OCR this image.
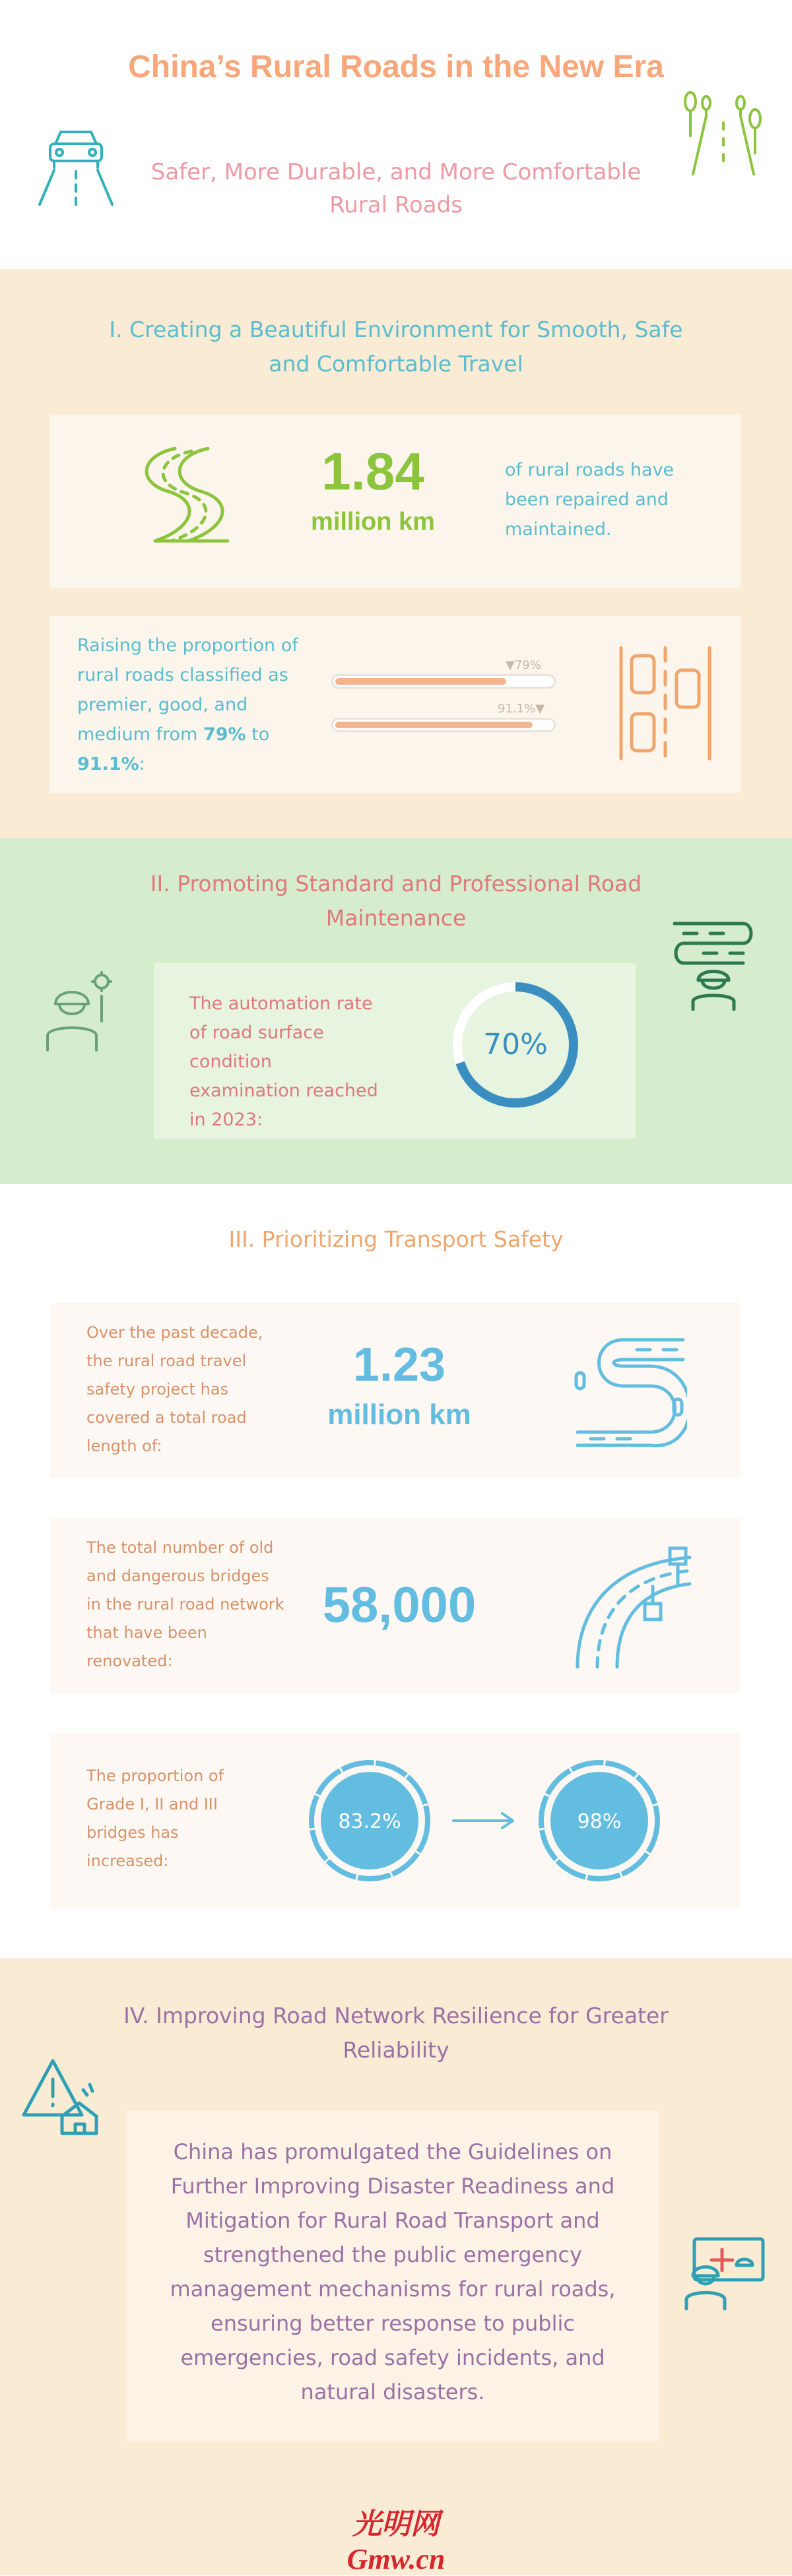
China’s Rural Roads in the New Era
Safer, More Durable, and More Comfortable Rural Roads
I. Creating a Beautiful Environment for Smooth, Safe and Comfortable Travel
1.84
million km
of rural roads have been repaired and maintained.
Raising the proportion of rural roads classified as premier, good, and medium from 79% to 91.1%:
▼79%
91.1%▼
II. Promoting Standard and Professional Road Maintenance
The automation rate of road surface condition examination reached in 2023:
70%
III. Prioritizing Transport Safety
Over the past decade, the rural road travel safety project has covered a total road length of:
1.23
million km
The total number of old and dangerous bridges in the rural road network that have been renovated:
58,000
The proportion of Grade I, II and III bridges has increased:
83.2%	98%
IV. Improving Road Network Resilience for Greater Reliability
China has promulgated the Guidelines on Further Improving Disaster Readiness and Mitigation for Rural Road Transport and strengthened the public emergency management mechanisms for rural roads, ensuring better response to public emergencies, road safety incidents, and natural disasters.
光明网 Gmw.cn
